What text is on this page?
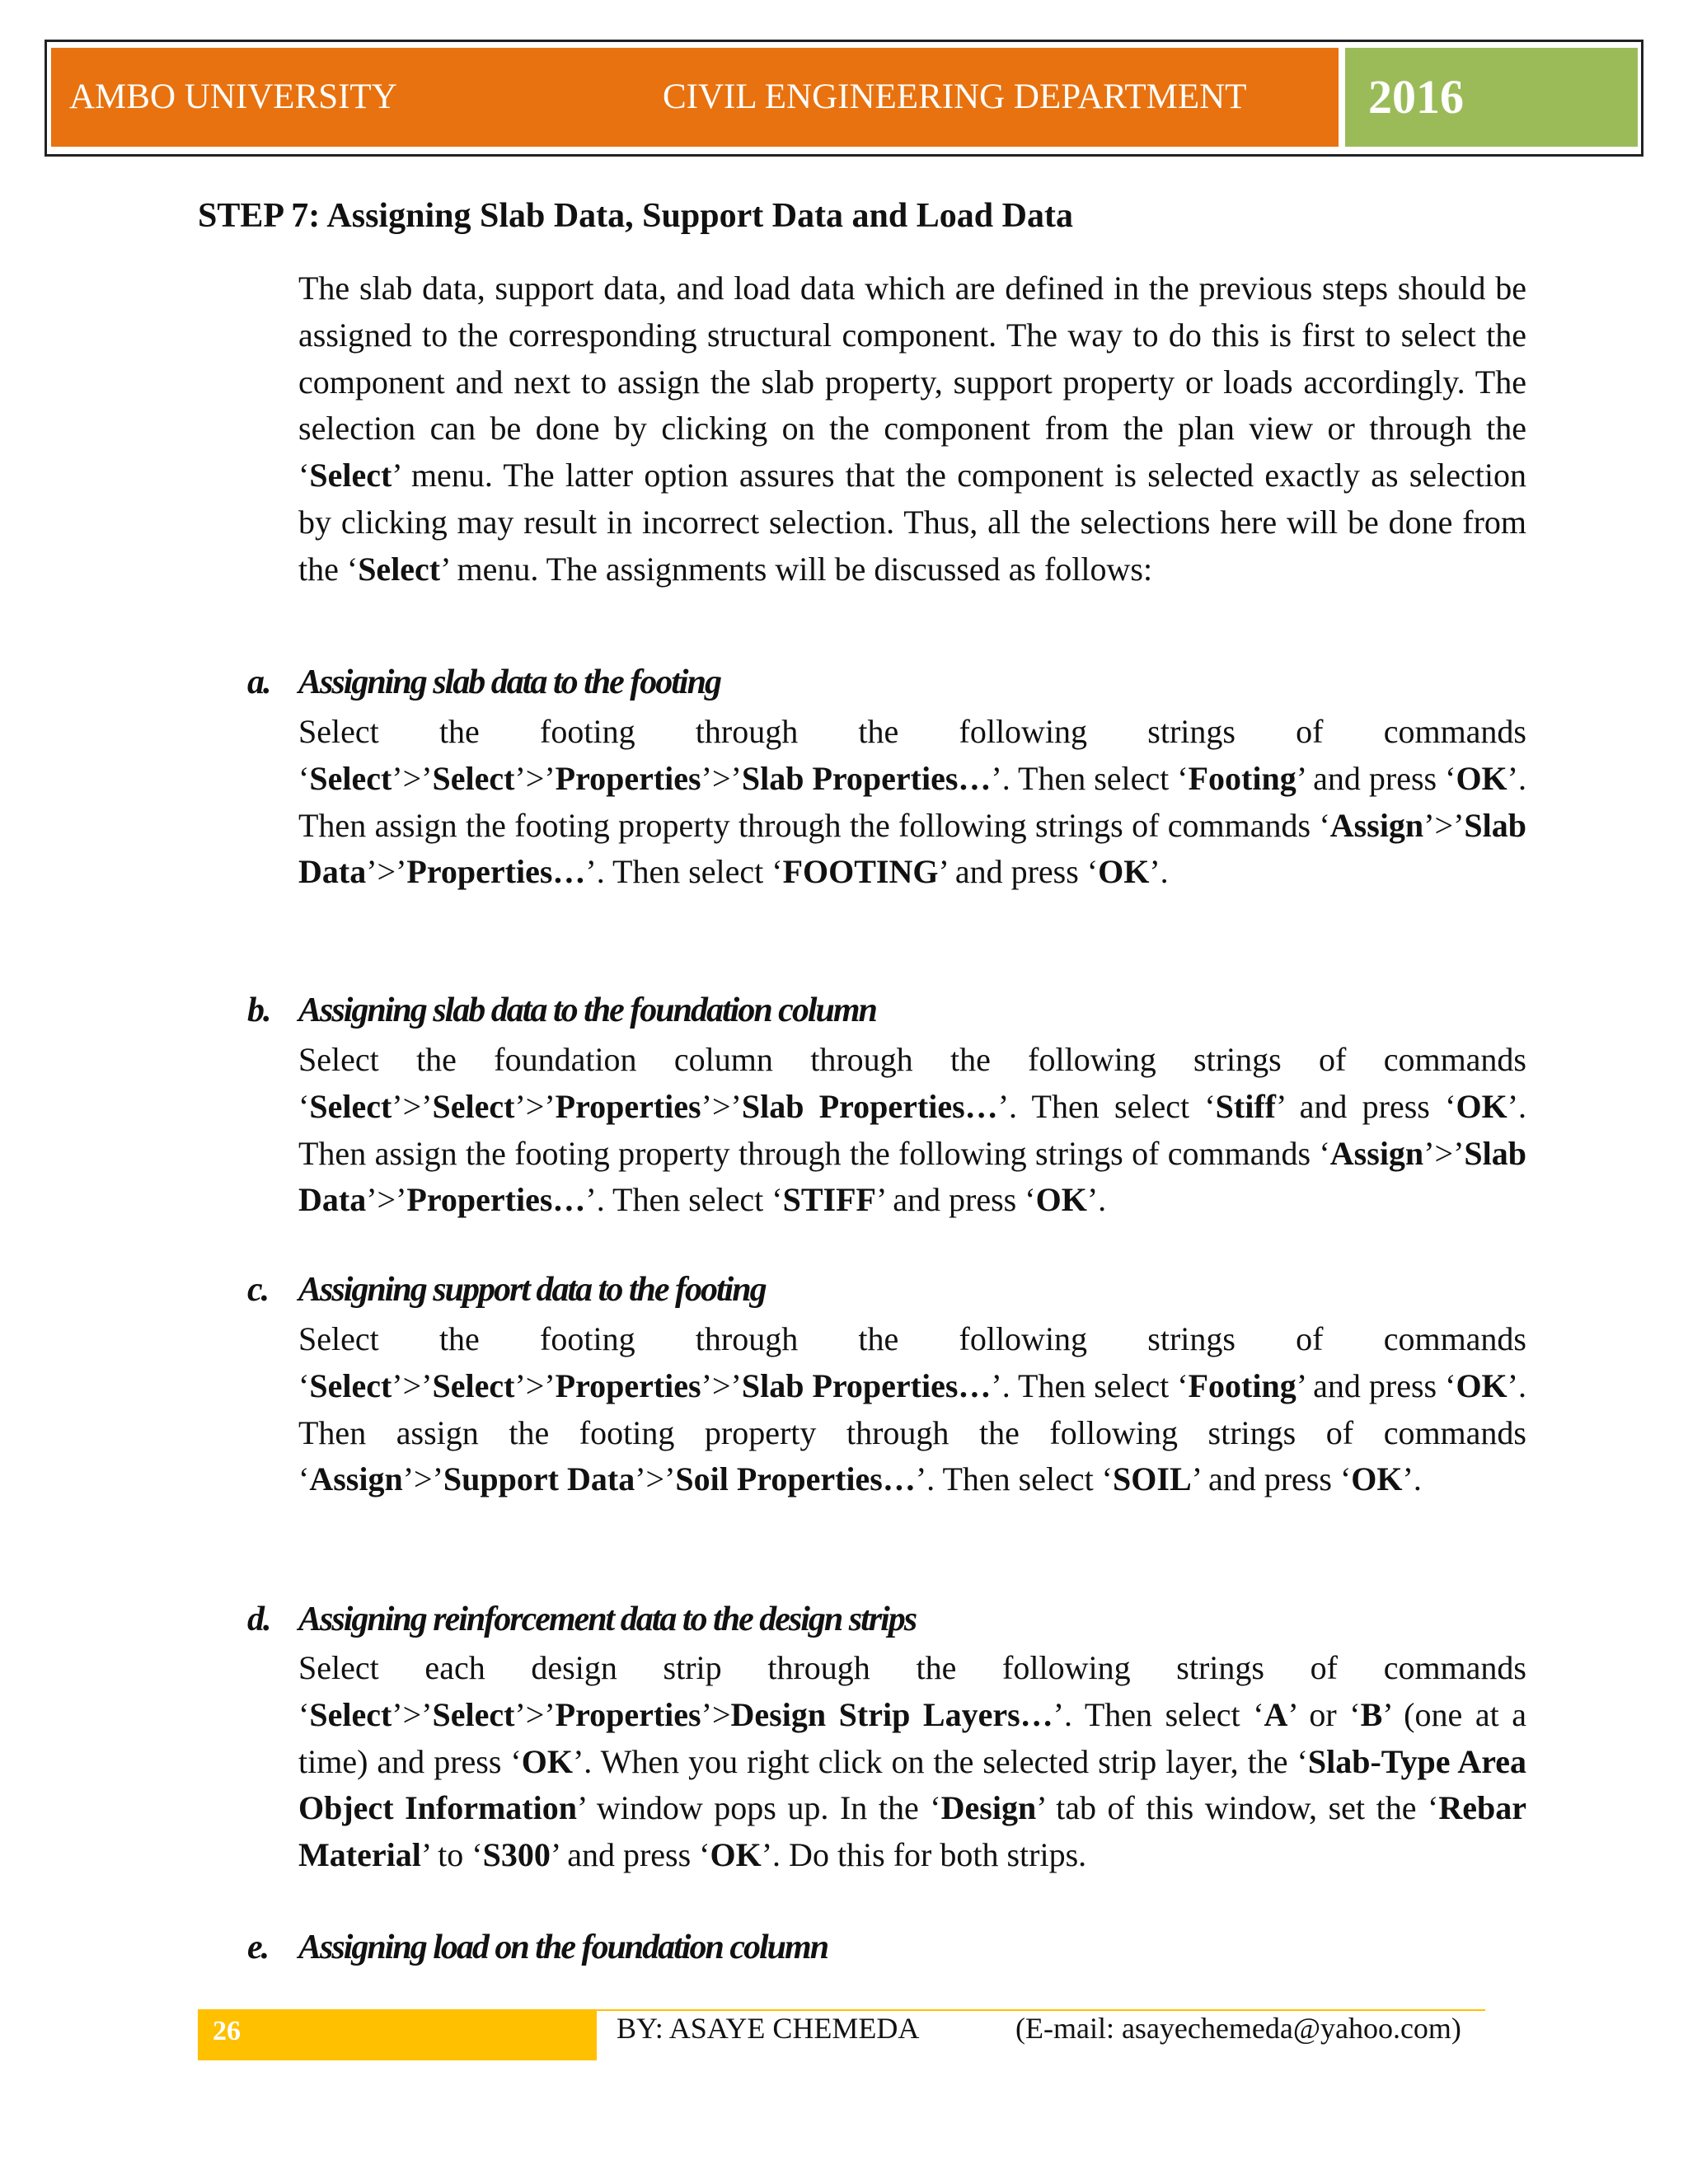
AMBO UNIVERSITY	CIVIL ENGINEERING DEPARTMENT	2016
STEP 7: Assigning Slab Data, Support Data and Load Data
The slab data, support data, and load data which are defined in the previous steps should be assigned to the corresponding structural component. The way to do this is first to select the component and next to assign the slab property, support property or loads accordingly. The selection can be done by clicking on the component from the plan view or through the ‘Select’ menu. The latter option assures that the component is selected exactly as selection by clicking may result in incorrect selection. Thus, all the selections here will be done from the ‘Select’ menu. The assignments will be discussed as follows:
a. Assigning slab data to the footing
Select the footing through the following strings of commands ‘Select’>’Select’>’Properties’>’Slab Properties…’. Then select ‘Footing’ and press ‘OK’. Then assign the footing property through the following strings of commands ‘Assign’>’Slab Data’>’Properties…’. Then select ‘FOOTING’ and press ‘OK’.
b. Assigning slab data to the foundation column
Select the foundation column through the following strings of commands ‘Select’>’Select’>’Properties’>’Slab Properties…’. Then select ‘Stiff’ and press ‘OK’. Then assign the footing property through the following strings of commands ‘Assign’>’Slab Data’>’Properties…’. Then select ‘STIFF’ and press ‘OK’.
c. Assigning support data to the footing
Select the footing through the following strings of commands ‘Select’>’Select’>’Properties’>’Slab Properties…’. Then select ‘Footing’ and press ‘OK’. Then assign the footing property through the following strings of commands ‘Assign’>’Support Data’>’Soil Properties…’. Then select ‘SOIL’ and press ‘OK’.
d. Assigning reinforcement data to the design strips
Select each design strip through the following strings of commands ‘Select’>’Select’>’Properties’>Design Strip Layers…’. Then select ‘A’ or ‘B’ (one at a time) and press ‘OK’. When you right click on the selected strip layer, the ‘Slab-Type Area Object Information’ window pops up. In the ‘Design’ tab of this window, set the ‘Rebar Material’ to ‘S300’ and press ‘OK’. Do this for both strips.
e. Assigning load on the foundation column
26	BY: ASAYE CHEMEDA	(E-mail: asayechemeda@yahoo.com)
